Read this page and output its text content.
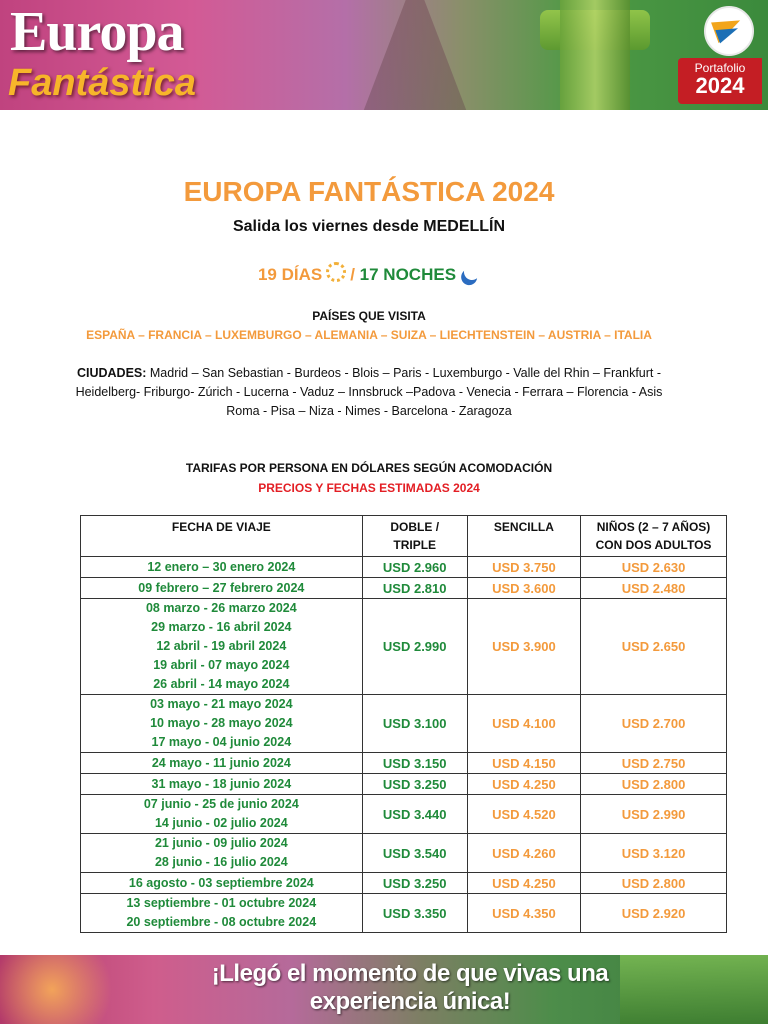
Europa
Fantástica	Portafolio
2024
EUROPA FANTÁSTICA 2024
Salida los viernes desde MEDELLÍN
19 DÍAS / 17 NOCHES
PAÍSES QUE VISITA
ESPAÑA – FRANCIA – LUXEMBURGO – ALEMANIA – SUIZA – LIECHTENSTEIN – AUSTRIA – ITALIA
CIUDADES: Madrid – San Sebastian - Burdeos - Blois – Paris - Luxemburgo - Valle del Rhin – Frankfurt -
Heidelberg- Friburgo- Zúrich - Lucerna - Vaduz – Innsbruck –Padova - Venecia - Ferrara – Florencia - Asis
Roma - Pisa – Niza - Nimes - Barcelona - Zaragoza
TARIFAS POR PERSONA EN DÓLARES SEGÚN ACOMODACIÓN
PRECIOS Y FECHAS ESTIMADAS 2024
FECHA DE VIAJE	DOBLE /
TRIPLE	SENCILLA	NIÑOS (2 – 7 AÑOS)
CON DOS ADULTOS

12 enero – 30 enero 2024	USD 2.960	USD 3.750	USD 2.630

09 febrero – 27 febrero 2024	USD 2.810	USD 3.600	USD 2.480

08 marzo - 26 marzo 2024
29 marzo - 16 abril 2024
12 abril - 19 abril 2024
19 abril - 07 mayo 2024
26 abril - 14 mayo 2024	USD 2.990	USD 3.900	USD 2.650

03 mayo - 21 mayo 2024
10 mayo - 28 mayo 2024
17 mayo - 04 junio 2024	USD 3.100	USD 4.100	USD 2.700

24 mayo - 11 junio 2024	USD 3.150	USD 4.150	USD 2.750

31 mayo - 18 junio 2024	USD 3.250	USD 4.250	USD 2.800

07 junio - 25 de junio 2024
14 junio - 02 julio 2024	USD 3.440	USD 4.520	USD 2.990

21 junio - 09 julio 2024
28 junio - 16 julio 2024	USD 3.540	USD 4.260	USD 3.120

16 agosto - 03 septiembre 2024	USD 3.250	USD 4.250	USD 2.800

13 septiembre - 01 octubre 2024
20 septiembre - 08 octubre 2024	USD 3.350	USD 4.350	USD 2.920
¡Llegó el momento de que vivas una
experiencia única!
